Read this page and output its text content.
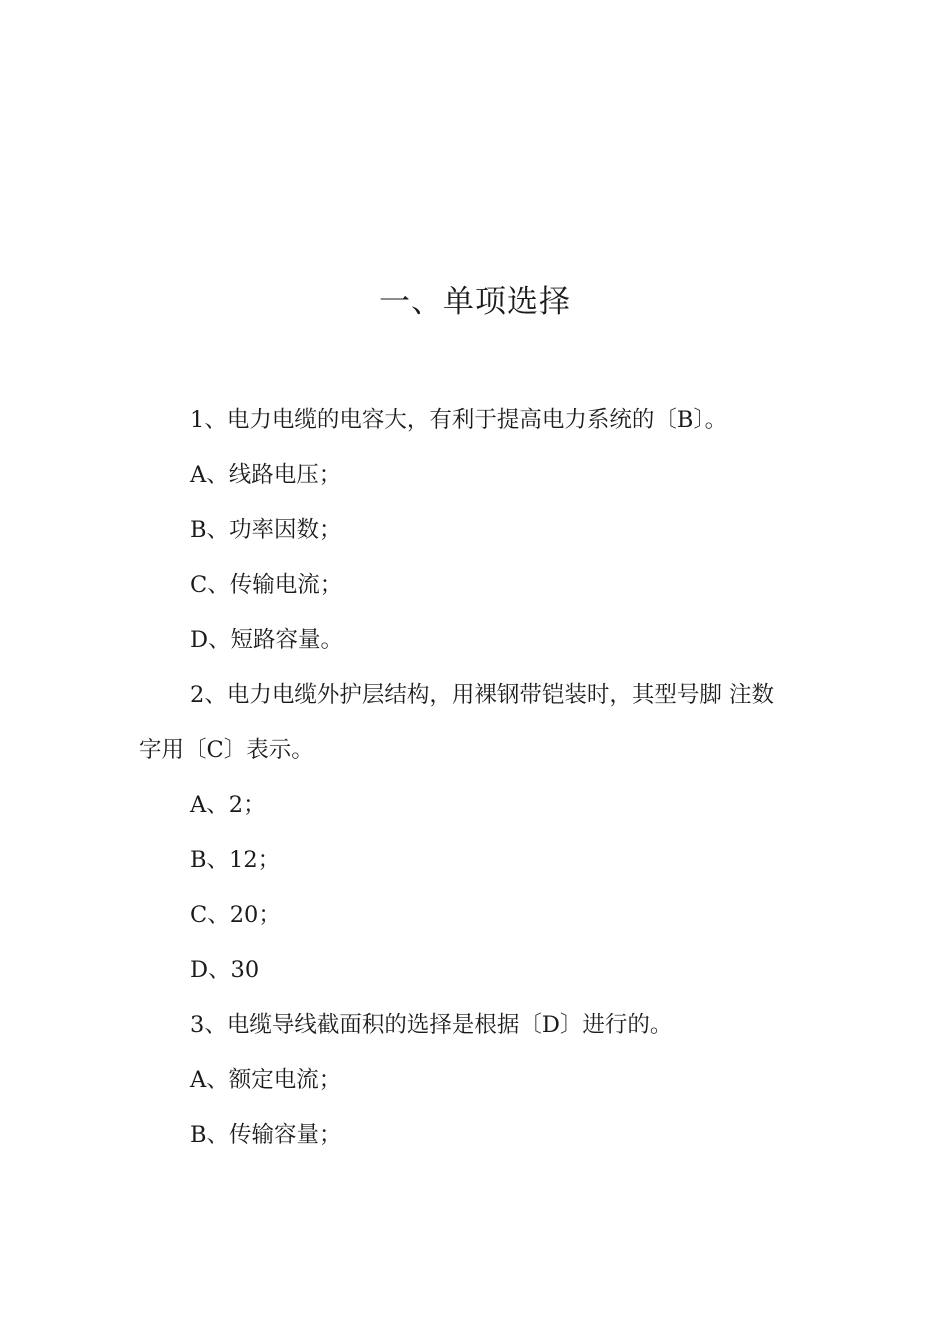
一、单项选择

1、电力电缆的电容大，有利于提高电力系统的〔B〕。

A、线路电压；

B、功率因数；

C、传输电流；

D、短路容量。

2、电力电缆外护层结构，用裸钢带铠装时，其型号脚 注数

字用〔C〕表示。

A、2；

B、12；

C、20；

D、30

3、电缆导线截面积的选择是根据〔D〕进行的。

A、额定电流；

B、传输容量；
